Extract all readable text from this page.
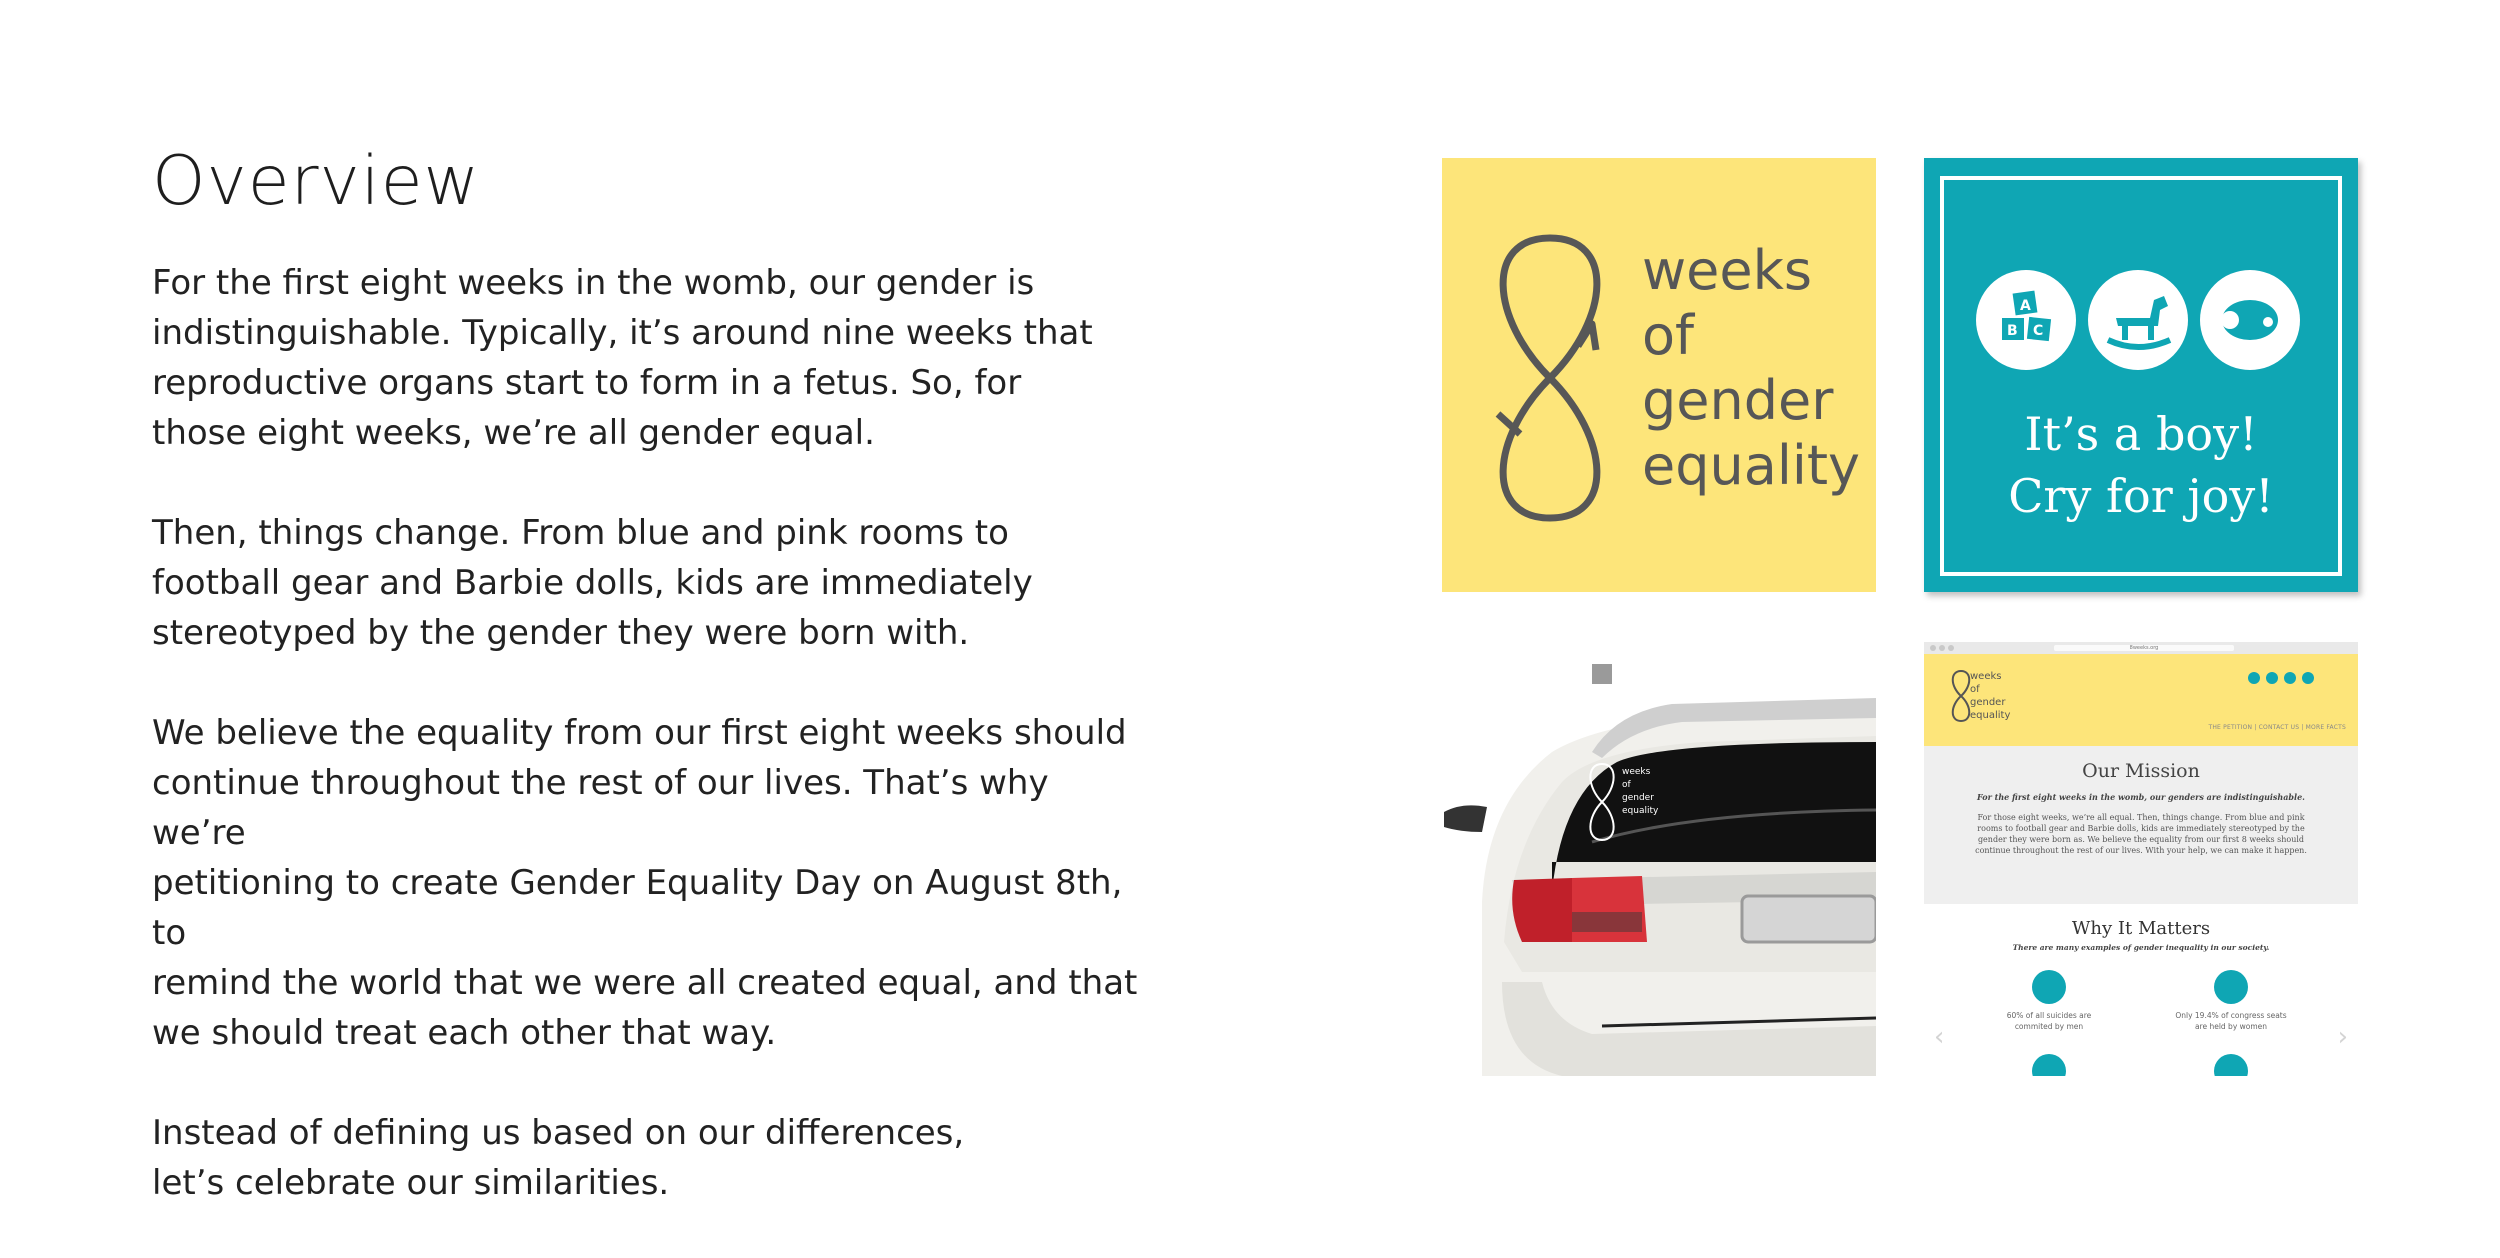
Overview

For the first eight weeks in the womb, our gender is
indistinguishable. Typically, it’s around nine weeks that
reproductive organs start to form in a fetus. So, for
those eight weeks, we’re all gender equal.

Then, things change. From blue and pink rooms to
football gear and Barbie dolls, kids are immediately
stereotyped by the gender they were born with.

We believe the equality from our first eight weeks should
continue throughout the rest of our lives. That’s why we’re
petitioning to create Gender Equality Day on August 8th, to
remind the world that we were all created equal, and that
we should treat each other that way.

Instead of defining us based on our differences,
let’s celebrate our similarities.

weeks
of
gender
equality
A
B C
It’s a boy!
Cry for joy!
weeks
of
gender
equality
8weeks.org
weeks
of
gender
equality
THE PETITION | CONTACT US | MORE FACTS
Our Mission

For the first eight weeks in the womb, our genders are indistinguishable.

For those eight weeks, we’re all equal. Then, things change. From blue and pink rooms to football gear and Barbie dolls, kids are immediately stereotyped by the gender they were born as. We believe the equality from our first 8 weeks should continue throughout the rest of our lives. With your help, we can make it happen.

Why It Matters

There are many examples of gender inequality in our society.

60% of all suicides are commited by men
Only 19.4% of congress seats are held by women
‹	›
